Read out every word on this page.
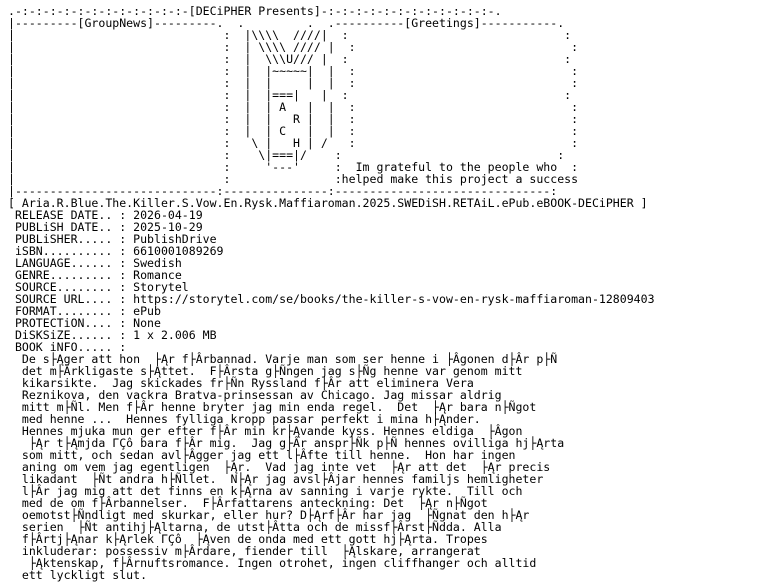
.-:-:-:-:-:-:-:-:-:-:-:-:-[DECiPHER Presents]-:-:-:-:-:-:-:-:-:-:-:-:-.
|---------[GroupNews]---------.  .         .  .----------[Greetings]-----------.
|                              :  |\\\\  ////|  :                               :
|                              :  | \\\\ //// |  :                               :
|                              :  |  \\\U/// |  :                               :
|                              :  |  |~~~~~|  |  :                               :
|                              :  |  |     |  |  :                               :
|                              :  |  |===|   |  :                               :
|                              :  |  | A   |  |  :                               :
|                              :  |  |   R |  |  :                               :
|                              :  |  | C   |  |  :                               :
|                              :   \ |   H | /   :                               :
|                              :    \|===|/    :                               :
|                              :     '---'     :  Im grateful to the people who  :
|                              :               :helped make this project a success
|-----------------------------:---------------:-------------------------------:
[ Aria.R.Blue.The.Killer.S.Vow.En.Rysk.Maffiaroman.2025.SWEDiSH.RETAiL.ePub.eBOOK-DECiPHER ]
RELEASE DATE.. : 2026-04-19
PUBLiSH DATE.. : 2025-10-29
PUBLiSHER..... : PublishDrive
iSBN.......... : 6610001089269
LANGUAGE...... : Swedish
GENRE......... : Romance
SOURCE........ : Storytel
SOURCE URL.... : https://storytel.com/se/books/the-killer-s-vow-en-rysk-maffiaroman-12809403
FORMAT........ : ePub
PROTECTiON.... : None
DiSKSiZE...... : 1 x 2.006 MB
BOOK iNFO..... :
De s├Ąger att hon  ├Ąr f├Ârbannad. Varje man som ser henne i ├Âgonen d├Âr p├Ñ
det m├Ârkligaste s├Ąttet.  F├Ârsta g├Ñngen jag s├Ñg henne var genom mitt
kikarsikte.  Jag skickades fr├Ñn Ryssland f├Âr att eliminera Vera
Reznikova, den vackra Bratva-prinsessan av Chicago. Jag missar aldrig
mitt m├Ñl. Men f├Âr henne bryter jag min enda regel.  Det  ├Ąr bara n├Ñgot
med henne ...  Hennes fylliga kropp passar perfekt i mina h├Ąnder.
Hennes mjuka mun ger efter f├Âr min kr├Ąvande kyss. Hennes eldiga  ├Âgon
├Ąr t├Ąmjda ΓÇô bara f├Âr mig.  Jag g├Âr anspr├Ñk p├Ñ hennes ovilliga hj├Ąrta
som mitt, och sedan avl├Âgger jag ett l├Âfte till henne.  Hon har ingen
aning om vem jag egentligen  ├Ąr.  Vad jag inte vet  ├Ąr att det  ├Ąr precis
likadant  ├Ñt andra h├Ñllet.  N├Ąr jag avsl├Âjar hennes familjs hemligheter
l├Âr jag mig att det finns en k├Ąrna av sanning i varje rykte.  Till och
med de om f├Ârbannelser.  F├Ârfattarens anteckning: Det  ├Ąr n├Ñgot
oemotst├Ñndligt med skurkar, eller hur? D├Ąrf├Âr har jag  ├Ñgnat den h├Ąr
serien  ├Ñt antihj├Ąltarna, de utst├Âtta och de missf├Ârst├Ñdda. Alla
f├Ârtj├Ąnar k├Ąrlek ΓÇô  ├Ąven de onda med ett gott hj├Ąrta. Tropes
inkluderar: possessiv m├Ârdare, fiender till  ├Ąlskare, arrangerat
├Ąktenskap, f├Ârnuftsromance. Ingen otrohet, ingen cliffhanger och alltid
ett lyckligt slut.
